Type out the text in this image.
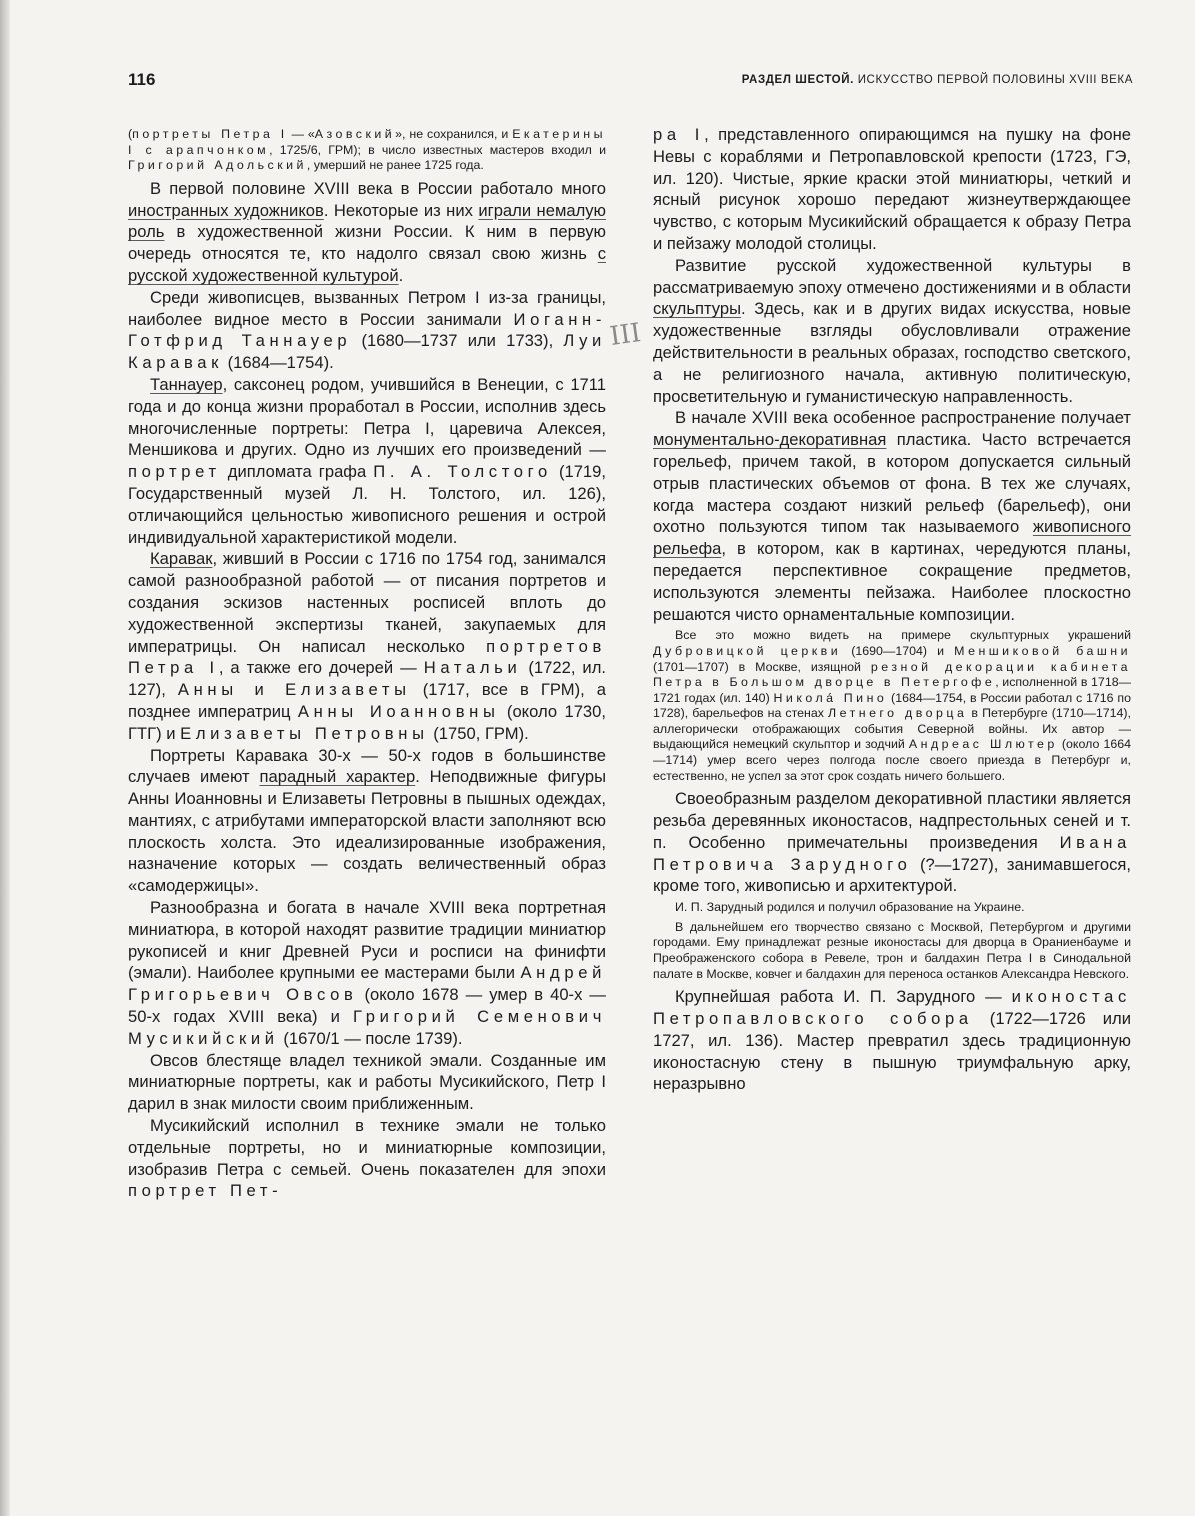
116	РАЗДЕЛ ШЕСТОЙ. ИСКУССТВО ПЕРВОЙ ПОЛОВИНЫ XVIII ВЕКА
III

(портреты Петра I — «Азовский», не сохранился, и Екатерины I с арапчонком, 1725/6, ГРМ); в число известных мастеров входил и Григорий Адольский, умерший не ранее 1725 года.

В первой половине XVIII века в России работало много иностранных художников. Некоторые из них играли немалую роль в художественной жизни России. К ним в первую очередь относятся те, кто надолго связал свою жизнь с русской художественной культурой.

Среди живописцев, вызванных Петром I из-за границы, наиболее видное место в России занимали Иоганн-Готфрид Таннауер (1680—1737 или 1733), Луи Каравак (1684—1754).

Таннауер, саксонец родом, учившийся в Венеции, с 1711 года и до конца жизни проработал в России, исполнив здесь многочисленные портреты: Петра I, царевича Алексея, Меншикова и других. Одно из лучших его произведений — портрет дипломата графа П. А. Толстого (1719, Государственный музей Л. Н. Толстого, ил. 126), отличающийся цельностью живописного решения и острой индивидуальной характеристикой модели.

Каравак, живший в России с 1716 по 1754 год, занимался самой разнообразной работой — от писания портретов и создания эскизов настенных росписей вплоть до художественной экспертизы тканей, закупаемых для императрицы. Он написал несколько портретов Петра I, а также его дочерей — Натальи (1722, ил. 127), Анны и Елизаветы (1717, все в ГРМ), а позднее императриц Анны Иоанновны (около 1730, ГТГ) и Елизаветы Петровны (1750, ГРМ).

Портреты Каравака 30-х — 50-х годов в большинстве случаев имеют парадный характер. Неподвижные фигуры Анны Иоанновны и Елизаветы Петровны в пышных одеждах, мантиях, с атрибутами императорской власти заполняют всю плоскость холста. Это идеализированные изображения, назначение которых — создать величественный образ «самодержицы».

Разнообразна и богата в начале XVIII века портретная миниатюра, в которой находят развитие традиции миниатюр рукописей и книг Древней Руси и росписи на финифти (эмали). Наиболее крупными ее мастерами были Андрей Григорьевич Овсов (около 1678 — умер в 40-х — 50-х годах XVIII века) и Григорий Семенович Мусикийский (1670/1 — после 1739).

Овсов блестяще владел техникой эмали. Созданные им миниатюрные портреты, как и работы Мусикийского, Петр I дарил в знак милости своим приближенным.

Мусикийский исполнил в технике эмали не только отдельные портреты, но и миниатюрные композиции, изобразив Петра с семьей. Очень показателен для эпохи портрет Пет-

ра I, представленного опирающимся на пушку на фоне Невы с кораблями и Петропавловской крепости (1723, ГЭ, ил. 120). Чистые, яркие краски этой миниатюры, четкий и ясный рисунок хорошо передают жизнеутверждающее чувство, с которым Мусикийский обращается к образу Петра и пейзажу молодой столицы.

Развитие русской художественной культуры в рассматриваемую эпоху отмечено достижениями и в области скульптуры. Здесь, как и в других видах искусства, новые художественные взгляды обусловливали отражение действительности в реальных образах, господство светского, а не религиозного начала, активную политическую, просветительную и гуманистическую направленность.

В начале XVIII века особенное распространение получает монументально-декоративная пластика. Часто встречается горельеф, причем такой, в котором допускается сильный отрыв пластических объемов от фона. В тех же случаях, когда мастера создают низкий рельеф (барельеф), они охотно пользуются типом так называемого живописного рельефа, в котором, как в картинах, чередуются планы, передается перспективное сокращение предметов, используются элементы пейзажа. Наиболее плоскостно решаются чисто орнаментальные композиции.

Все это можно видеть на примере скульптурных украшений Дубровицкой церкви (1690—1704) и Меншиковой башни (1701—1707) в Москве, изящной резной декорации кабинета Петра в Большом дворце в Петергофе, исполненной в 1718—1721 годах (ил. 140) Николá Пино (1684—1754, в России работал с 1716 по 1728), барельефов на стенах Летнего дворца в Петербурге (1710—1714), аллегорически отображающих события Северной войны. Их автор — выдающийся немецкий скульптор и зодчий Андреас Шлютер (около 1664—1714) умер всего через полгода после своего приезда в Петербург и, естественно, не успел за этот срок создать ничего большего.

Своеобразным разделом декоративной пластики является резьба деревянных иконостасов, надпрестольных сеней и т. п. Особенно примечательны произведения Ивана Петровича Зарудного (?—1727), занимавшегося, кроме того, живописью и архитектурой.

И. П. Зарудный родился и получил образование на Украине.

В дальнейшем его творчество связано с Москвой, Петербургом и другими городами. Ему принадлежат резные иконостасы для дворца в Ораниенбауме и Преображенского собора в Ревеле, трон и балдахин Петра I в Синодальной палате в Москве, ковчег и балдахин для переноса останков Александра Невского.

Крупнейшая работа И. П. Зарудного — иконостас Петропавловского собора (1722—1726 или 1727, ил. 136). Мастер превратил здесь традиционную иконостасную стену в пышную триумфальную арку, неразрывно
